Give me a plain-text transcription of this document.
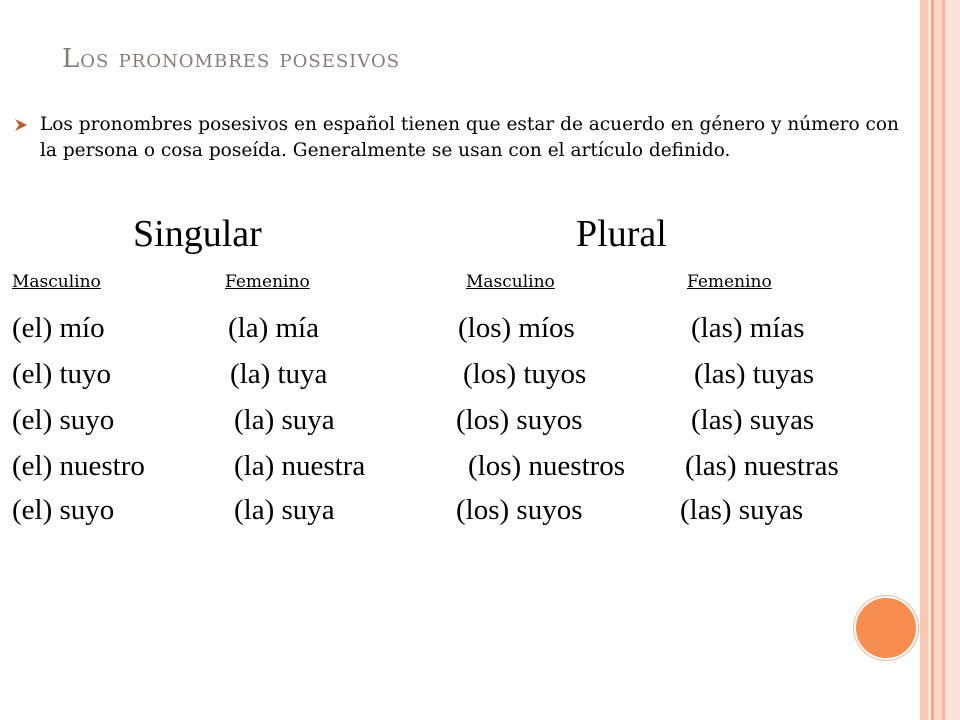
Los pronombres posesivos
Los pronombres posesivos en español tienen que estar de acuerdo en género y número con la persona o cosa poseída. Generalmente se usan con el artículo definido.
Singular	Plural
Masculino	Femenino	Masculino	Femenino
(el) mío	(la) mía	(los) míos	(las) mías
(el) tuyo	(la) tuya	(los) tuyos	(las) tuyas
(el) suyo	(la) suya	(los) suyos	(las) suyas
(el) nuestro	(la) nuestra	(los) nuestros (las) nuestras
(el) suyo	(la) suya	(los) suyos	(las) suyas
